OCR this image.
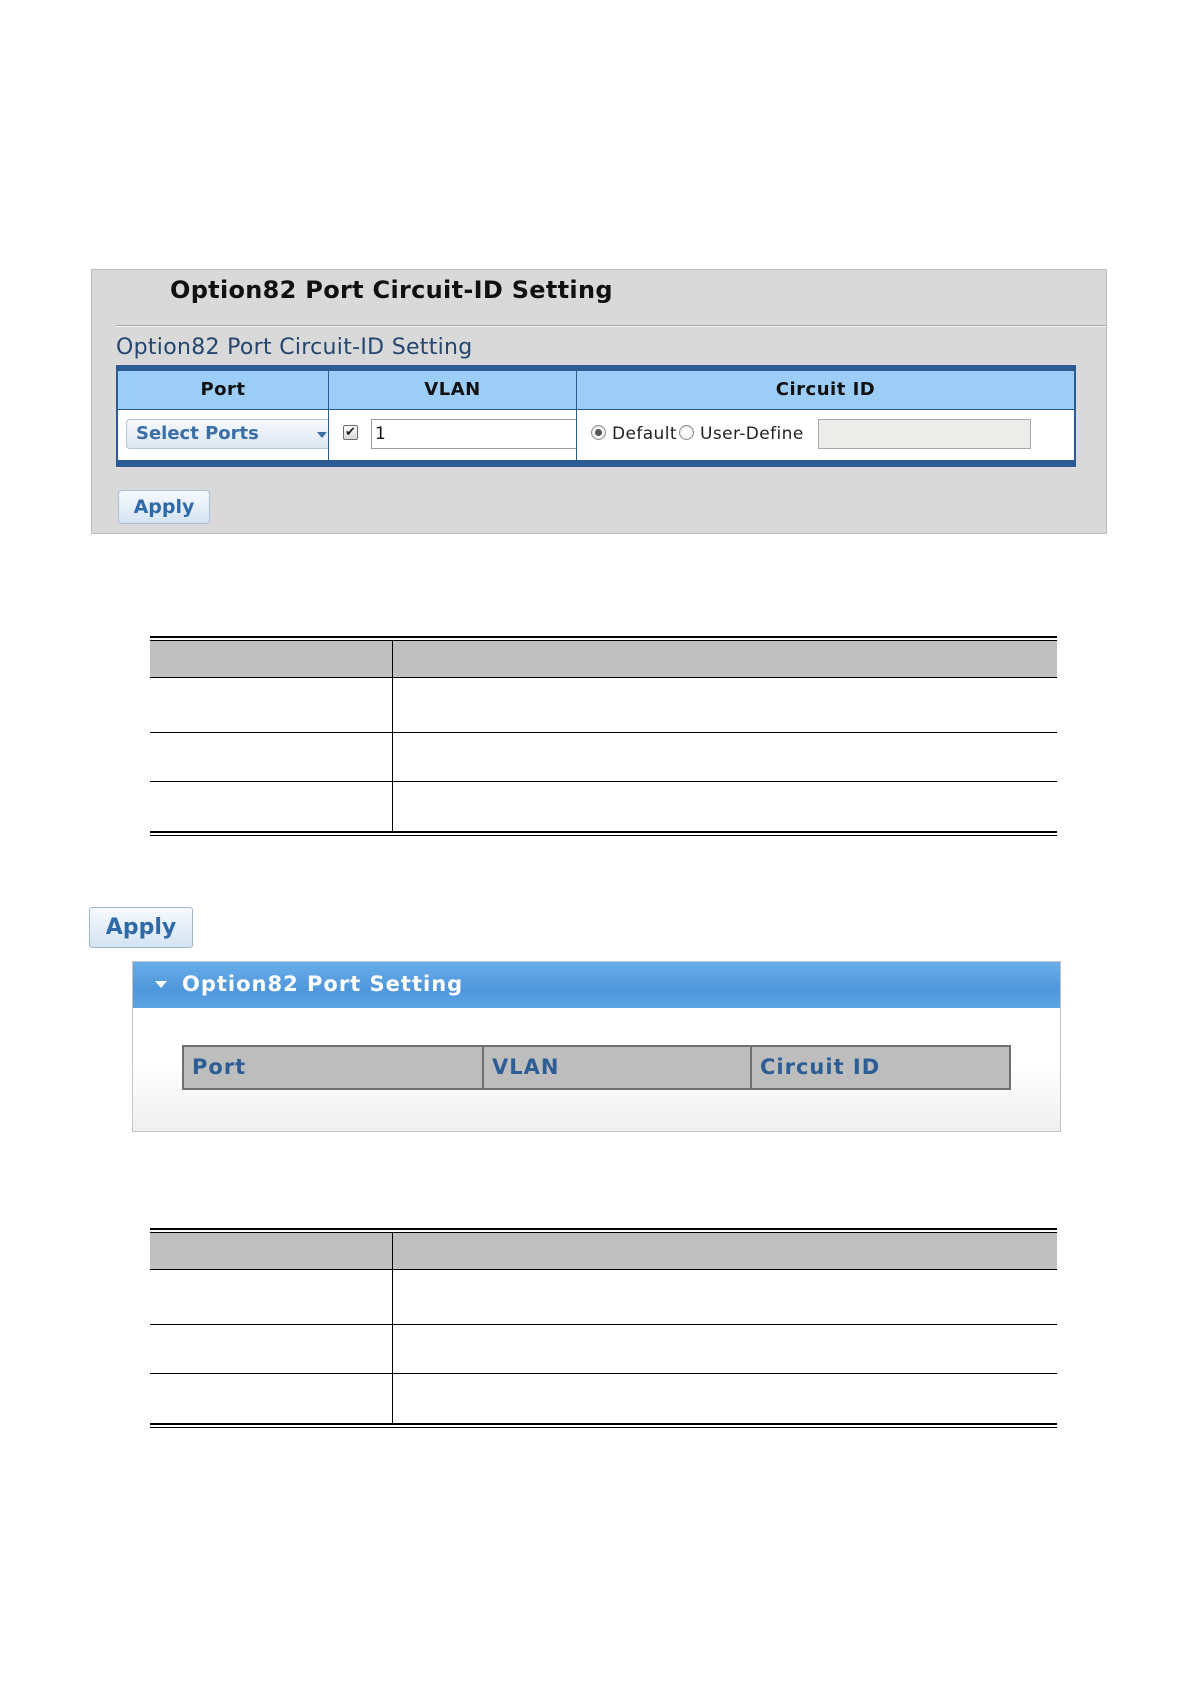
Option82 Port Circuit-ID Setting
Option82 Port Circuit-ID Setting
Port	VLAN	Circuit ID
Select Ports	✔ 1	Default User-Define
Apply
Apply
Option82 Port Setting
Port	VLAN	Circuit ID
